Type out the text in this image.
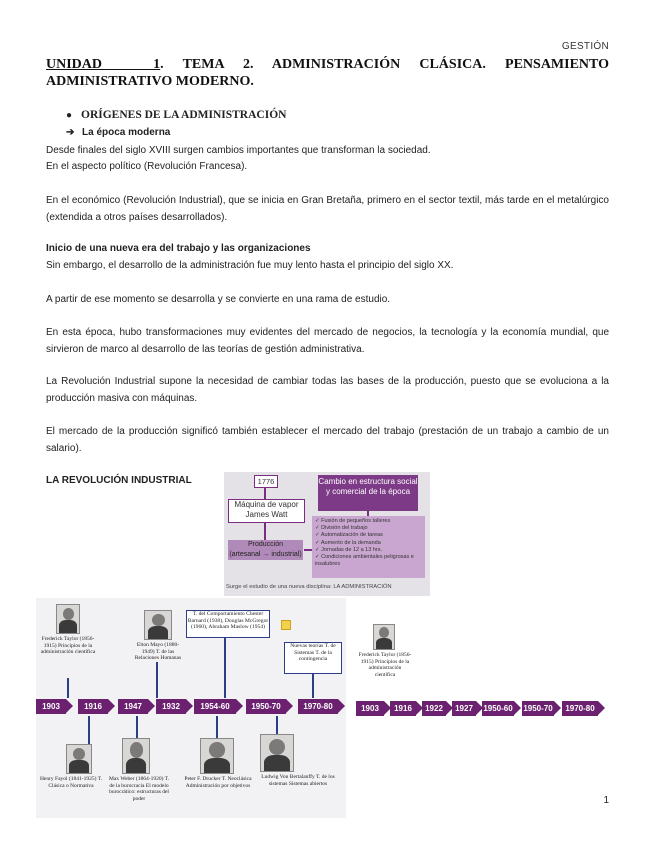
GESTIÓN
UNIDAD 1. TEMA 2. ADMINISTRACIÓN CLÁSICA. PENSAMIENTO ADMINISTRATIVO MODERNO.
● ORÍGENES DE LA ADMINISTRACIÓN
➔ La época moderna
Desde finales del siglo XVIII surgen cambios importantes que transforman la sociedad.
En el aspecto político (Revolución Francesa).
En el económico (Revolución Industrial), que se inicia en Gran Bretaña, primero en el sector textil, más tarde en el metalúrgico (extendida a otros países desarrollados).
Inicio de una nueva era del trabajo y las organizaciones
Sin embargo, el desarrollo de la administración fue muy lento hasta el principio del siglo XX.
A partir de ese momento se desarrolla y se convierte en una rama de estudio.
En esta época, hubo transformaciones muy evidentes del mercado de negocios, la tecnología y la economía mundial, que sirvieron de marco al desarrollo de las teorías de gestión administrativa.
La Revolución Industrial supone la necesidad de cambiar todas las bases de la producción, puesto que se evoluciona a la producción masiva con máquinas.
El mercado de la producción significó también establecer el mercado del trabajo (prestación de un trabajo a cambio de un salario).
LA REVOLUCIÓN INDUSTRIAL	1776
Máquina de vapor James Watt
Producción
(artesanal → industrial)
Cambio en estructura social y comercial de la época
✓ Fusión de pequeños talleres
✓ División del trabajo
✓ Automatización de tareas
✓ Aumento de la demanda
✓ Jornadas de 12 a 13 hrs.
✓ Condiciones ambientales peligrosas e insalubres
Surge el estudio de una nueva disciplina: LA ADMINISTRACIÓN
Frederick Taylor (1856-1915) Principios de la administración científica
Elton Mayo (1880-1949) T. de las Relaciones Humanas
T. del Comportamiento Chester Barnard (1938), Douglas McGregor (1960), Abraham Maslow (1954)
Nuevas teorías T. de Sistemas T. de la contingencia
1903	1916	1947	1932	1954-60	1950-70	1970-80
Henry Fayol (1841-1925) T. Clásica o Normativa
Max Weber (1864-1920) T. de la burocracia El modelo burocrático: estructuras del poder
Peter F. Drucker T. Neoclásica Administración por objetivos
Ludwig Von Bertalanffy T. de los sistemas Sistemas abiertos
Frederick Taylor (1856-1915) Principios de la administración científica
1903	1916	1922	1927	1950-60 1950-70	1970-80
1
